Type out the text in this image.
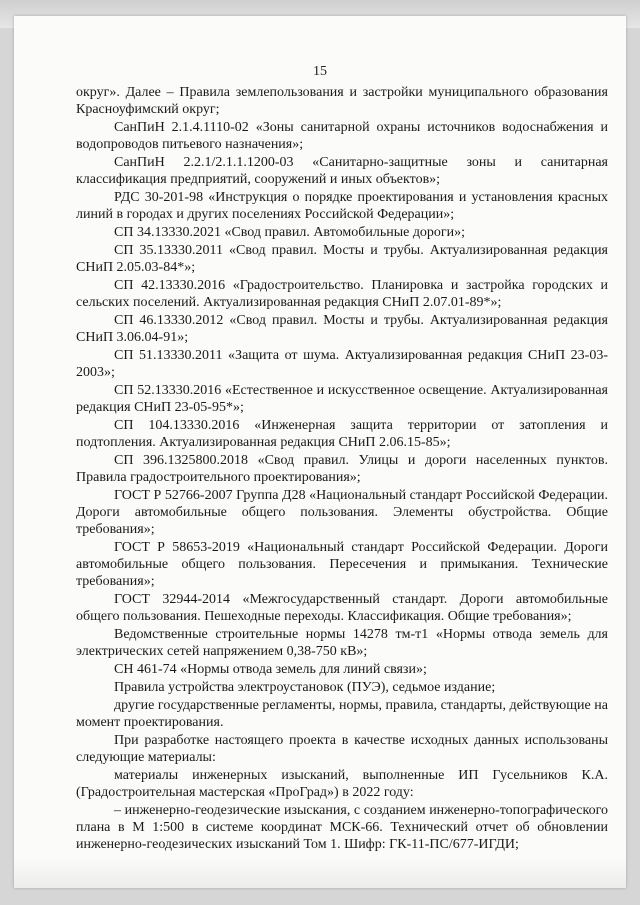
15

округ». Далее – Правила землепользования и застройки муниципального образования Красноуфимский округ;

СанПиН 2.1.4.1110-02 «Зоны санитарной охраны источников водоснабжения и водопроводов питьевого назначения»;

СанПиН 2.2.1/2.1.1.1200-03 «Санитарно-защитные зоны и санитарная классификация предприятий, сооружений и иных объектов»;

РДС 30-201-98 «Инструкция о порядке проектирования и установления красных линий в городах и других поселениях Российской Федерации»;

СП 34.13330.2021 «Свод правил. Автомобильные дороги»;

СП 35.13330.2011 «Свод правил. Мосты и трубы. Актуализированная редакция СНиП 2.05.03-84*»;

СП 42.13330.2016 «Градостроительство. Планировка и застройка городских и сельских поселений. Актуализированная редакция СНиП 2.07.01-89*»;

СП 46.13330.2012 «Свод правил. Мосты и трубы. Актуализированная редакция СНиП 3.06.04-91»;

СП 51.13330.2011 «Защита от шума. Актуализированная редакция СНиП 23-03-2003»;

СП 52.13330.2016 «Естественное и искусственное освещение. Актуализированная редакция СНиП 23-05-95*»;

СП 104.13330.2016 «Инженерная защита территории от затопления и подтопления. Актуализированная редакция СНиП 2.06.15-85»;

СП 396.1325800.2018 «Свод правил. Улицы и дороги населенных пунктов. Правила градостроительного проектирования»;

ГОСТ Р 52766-2007 Группа Д28 «Национальный стандарт Российской Федерации. Дороги автомобильные общего пользования. Элементы обустройства. Общие требования»;

ГОСТ Р 58653-2019 «Национальный стандарт Российской Федерации. Дороги автомобильные общего пользования. Пересечения и примыкания. Технические требования»;

ГОСТ 32944-2014 «Межгосударственный стандарт. Дороги автомобильные общего пользования. Пешеходные переходы. Классификация. Общие требования»;

Ведомственные строительные нормы 14278 тм-т1 «Нормы отвода земель для электрических сетей напряжением 0,38-750 кВ»;

СН 461-74 «Нормы отвода земель для линий связи»;

Правила устройства электроустановок (ПУЭ), седьмое издание;

другие государственные регламенты, нормы, правила, стандарты, действующие на момент проектирования.

При разработке настоящего проекта в качестве исходных данных использованы следующие материалы:

материалы инженерных изысканий, выполненные ИП Гусельников К.А. (Градостроительная мастерская «ПроГрад») в 2022 году:

– инженерно-геодезические изыскания, с созданием инженерно-топографического плана в М 1:500 в системе координат МСК-66. Технический отчет об обновлении инженерно-геодезических изысканий Том 1. Шифр: ГК-11-ПС/677-ИГДИ;
